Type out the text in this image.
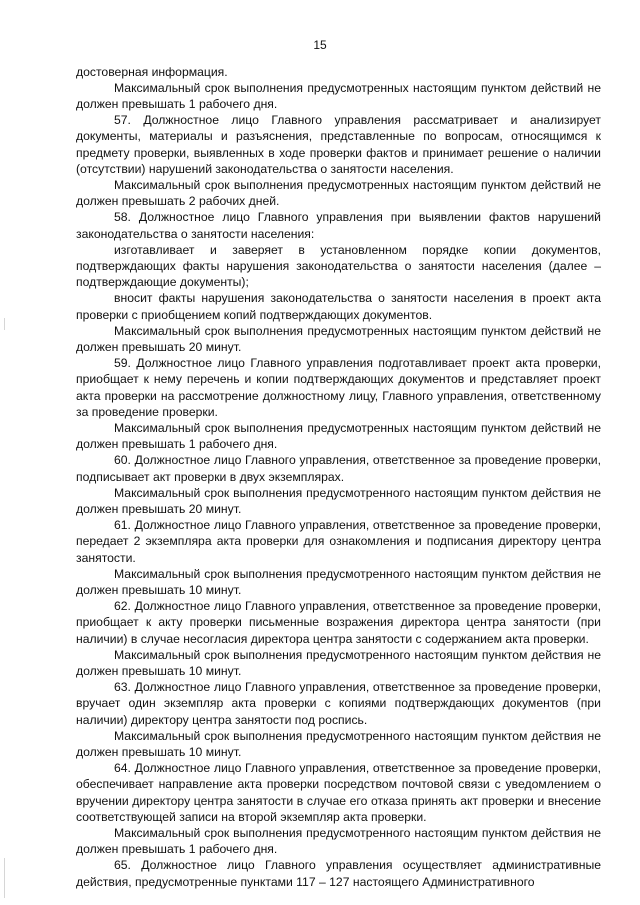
15

достоверная информация.

Максимальный срок выполнения предусмотренных настоящим пунктом действий не должен превышать 1 рабочего дня.

57. Должностное лицо Главного управления рассматривает и анализирует документы, материалы и разъяснения, представленные по вопросам, относящимся к предмету проверки, выявленных в ходе проверки фактов и принимает решение о наличии (отсутствии) нарушений законодательства о занятости населения.

Максимальный срок выполнения предусмотренных настоящим пунктом действий не должен превышать 2 рабочих дней.

58. Должностное лицо Главного управления при выявлении фактов нарушений законодательства о занятости населения:

изготавливает и заверяет в установленном порядке копии документов, подтверждающих факты нарушения законодательства о занятости населения (далее – подтверждающие документы);

вносит факты нарушения законодательства о занятости населения в проект акта проверки с приобщением копий подтверждающих документов.

Максимальный срок выполнения предусмотренных настоящим пунктом действий не должен превышать 20 минут.

59. Должностное лицо Главного управления подготавливает проект акта проверки, приобщает к нему перечень и копии подтверждающих документов и представляет проект акта проверки на рассмотрение должностному лицу, Главного управления, ответственному за проведение проверки.

Максимальный срок выполнения предусмотренных настоящим пунктом действий не должен превышать 1 рабочего дня.

60. Должностное лицо Главного управления, ответственное за проведение проверки, подписывает акт проверки в двух экземплярах.

Максимальный срок выполнения предусмотренного настоящим пунктом действия не должен превышать 20 минут.

61. Должностное лицо Главного управления, ответственное за проведение проверки, передает 2 экземпляра акта проверки для ознакомления и подписания директору центра занятости.

Максимальный срок выполнения предусмотренного настоящим пунктом действия не должен превышать 10 минут.

62. Должностное лицо Главного управления, ответственное за проведение проверки, приобщает к акту проверки письменные возражения директора центра занятости (при наличии) в случае несогласия директора центра занятости с содержанием акта проверки.

Максимальный срок выполнения предусмотренного настоящим пунктом действия не должен превышать 10 минут.

63. Должностное лицо Главного управления, ответственное за проведение проверки, вручает один экземпляр акта проверки с копиями подтверждающих документов (при наличии) директору центра занятости под роспись.

Максимальный срок выполнения предусмотренного настоящим пунктом действия не должен превышать 10 минут.

64. Должностное лицо Главного управления, ответственное за проведение проверки, обеспечивает направление акта проверки посредством почтовой связи с уведомлением о вручении директору центра занятости в случае его отказа принять акт проверки и внесение соответствующей записи на второй экземпляр акта проверки.

Максимальный срок выполнения предусмотренного настоящим пунктом действия не должен превышать 1 рабочего дня.

65. Должностное лицо Главного управления осуществляет административные действия, предусмотренные пунктами 117 – 127 настоящего Административного
